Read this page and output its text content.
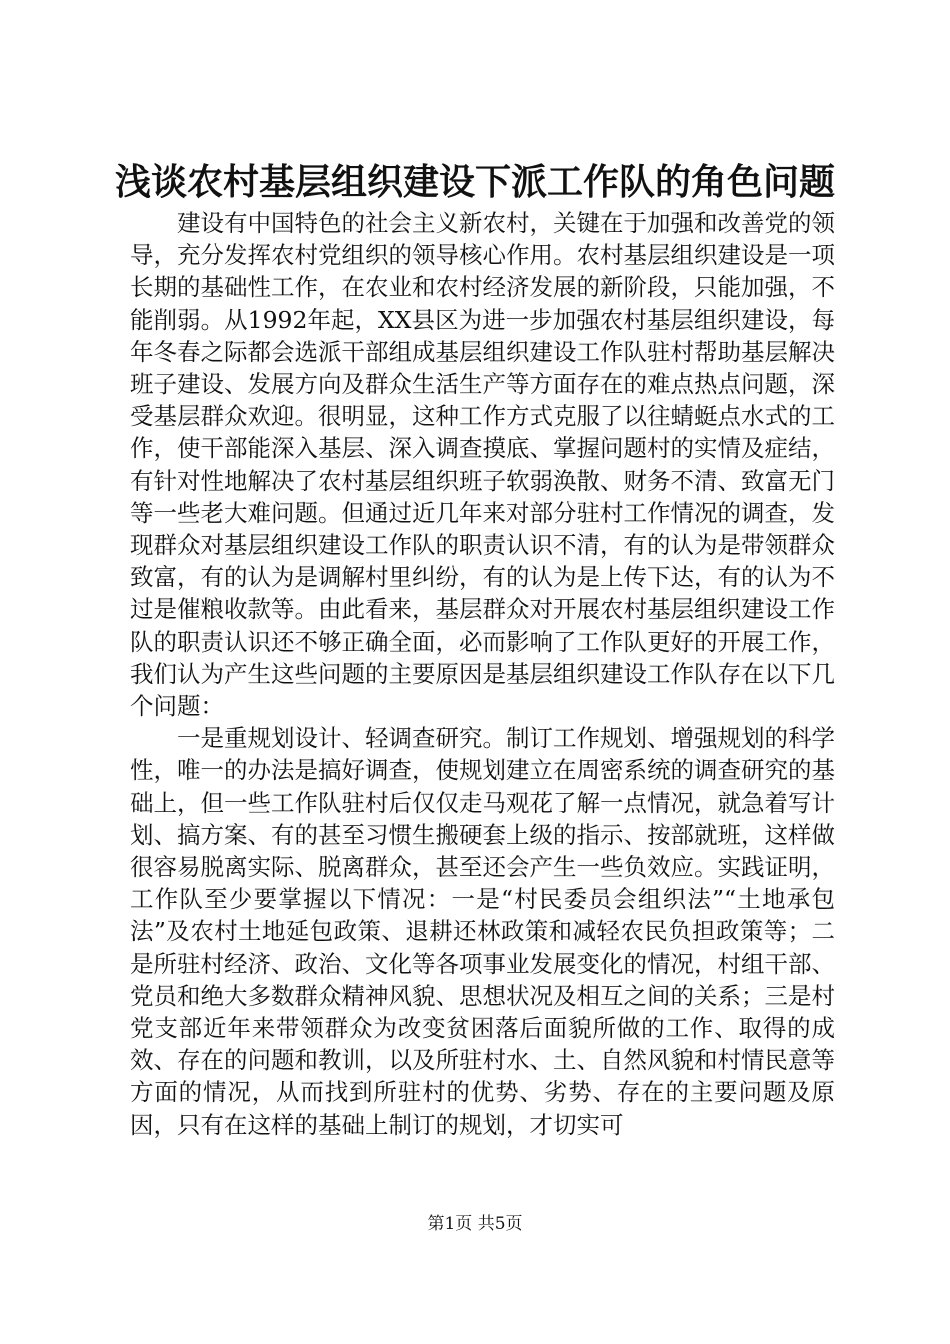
浅谈农村基层组织建设下派工作队的角色问题

建设有中国特色的社会主义新农村，关键在于加强和改善党的领导，充分发挥农村党组织的领导核心作用。农村基层组织建设是一项长期的基础性工作，在农业和农村经济发展的新阶段，只能加强，不能削弱。从1992年起，XX县区为进一步加强农村基层组织建设，每年冬春之际都会选派干部组成基层组织建设工作队驻村帮助基层解决班子建设、发展方向及群众生活生产等方面存在的难点热点问题，深受基层群众欢迎。很明显，这种工作方式克服了以往蜻蜓点水式的工作，使干部能深入基层、深入调查摸底、掌握问题村的实情及症结，有针对性地解决了农村基层组织班子软弱涣散、财务不清、致富无门等一些老大难问题。但通过近几年来对部分驻村工作情况的调查，发现群众对基层组织建设工作队的职责认识不清，有的认为是带领群众致富，有的认为是调解村里纠纷，有的认为是上传下达，有的认为不过是催粮收款等。由此看来，基层群众对开展农村基层组织建设工作队的职责认识还不够正确全面，必而影响了工作队更好的开展工作，我们认为产生这些问题的主要原因是基层组织建设工作队存在以下几个问题：

一是重规划设计、轻调查研究。制订工作规划、增强规划的科学性，唯一的办法是搞好调查，使规划建立在周密系统的调查研究的基础上，但一些工作队驻村后仅仅走马观花了解一点情况，就急着写计划、搞方案、有的甚至习惯生搬硬套上级的指示、按部就班，这样做很容易脱离实际、脱离群众，甚至还会产生一些负效应。实践证明，工作队至少要掌握以下情况：一是“村民委员会组织法”“土地承包法”及农村土地延包政策、退耕还林政策和减轻农民负担政策等；二是所驻村经济、政治、文化等各项事业发展变化的情况，村组干部、党员和绝大多数群众精神风貌、思想状况及相互之间的关系；三是村党支部近年来带领群众为改变贫困落后面貌所做的工作、取得的成效、存在的问题和教训，以及所驻村水、土、自然风貌和村情民意等方面的情况，从而找到所驻村的优势、劣势、存在的主要问题及原因，只有在这样的基础上制订的规划，才切实可

第1页 共5页
